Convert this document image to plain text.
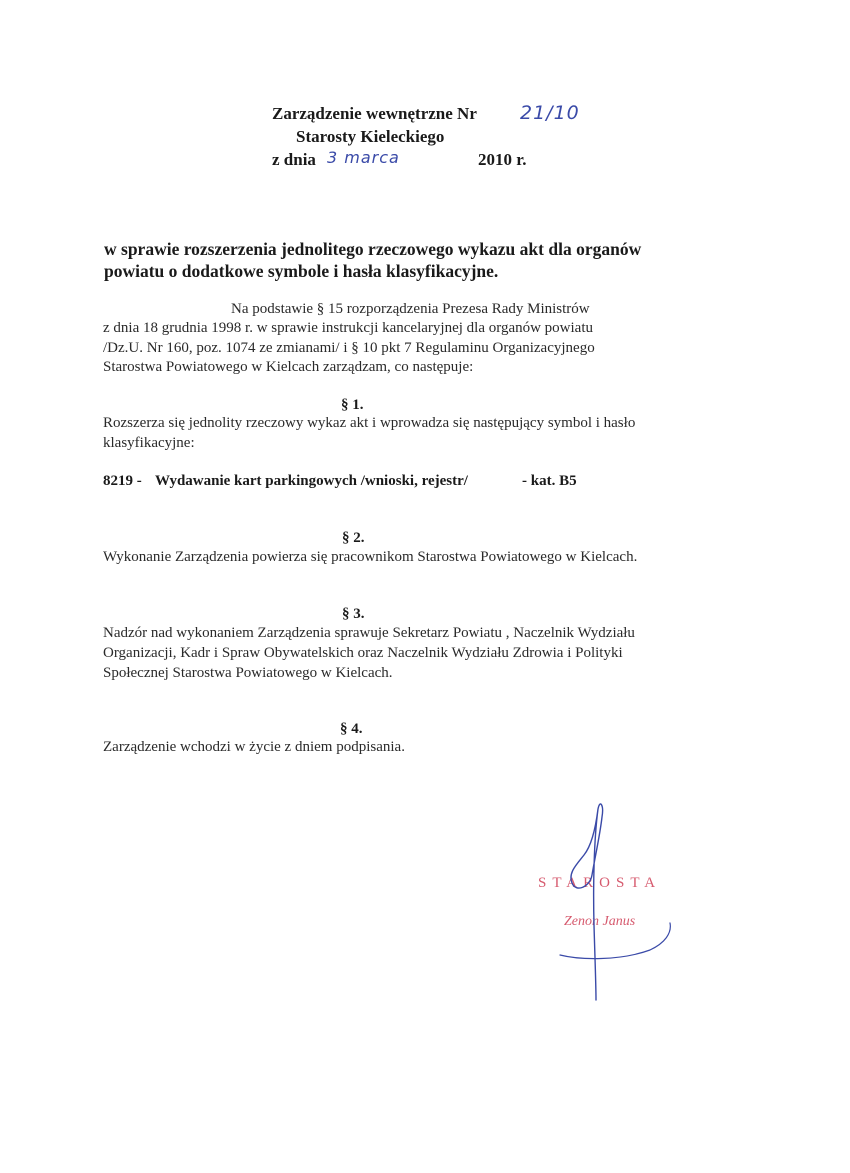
Zarządzenie wewnętrzne Nr 21/10
Starosty Kieleckiego
z dnia 3 marca	2010 r.
w sprawie rozszerzenia jednolitego rzeczowego wykazu akt dla organów
powiatu o dodatkowe symbole i hasła klasyfikacyjne.
Na podstawie § 15 rozporządzenia Prezesa Rady Ministrów
z dnia 18 grudnia 1998 r. w sprawie instrukcji kancelaryjnej dla organów powiatu
/Dz.U. Nr 160, poz. 1074 ze zmianami/ i § 10 pkt 7 Regulaminu Organizacyjnego
Starostwa Powiatowego w Kielcach zarządzam, co następuje:
§ 1.
Rozszerza się jednolity rzeczowy wykaz akt i wprowadza się następujący symbol i hasło
klasyfikacyjne:
8219 - Wydawanie kart parkingowych /wnioski, rejestr/	- kat. B5
§ 2.
Wykonanie Zarządzenia powierza się pracownikom Starostwa Powiatowego w Kielcach.
§ 3.
Nadzór nad wykonaniem Zarządzenia sprawuje Sekretarz Powiatu , Naczelnik Wydziału
Organizacji, Kadr i Spraw Obywatelskich oraz Naczelnik Wydziału Zdrowia i Polityki
Społecznej Starostwa Powiatowego w Kielcach.
§ 4.
Zarządzenie wchodzi w życie z dniem podpisania.
STAROSTA
Zenon Janus
